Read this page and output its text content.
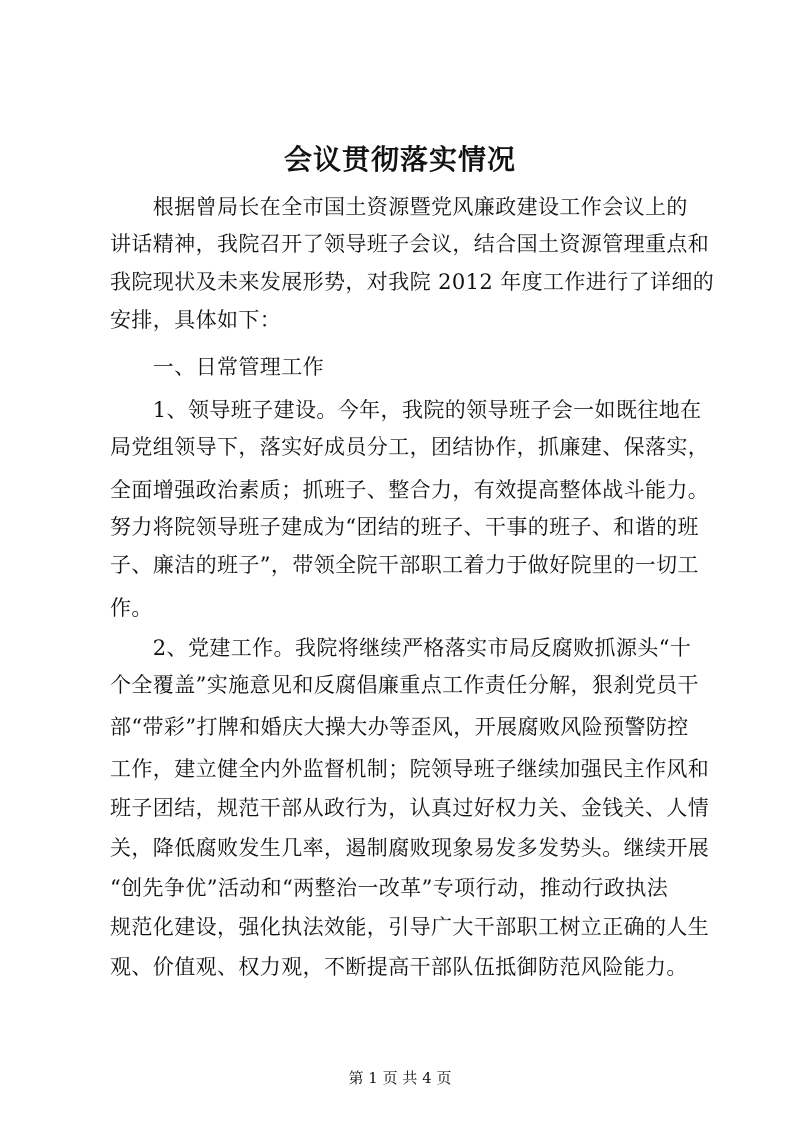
会议贯彻落实情况
　　根据曾局长在全市国土资源暨党风廉政建设工作会议上的
讲话精神，我院召开了领导班子会议，结合国土资源管理重点和
我院现状及未来发展形势，对我院 2012 年度工作进行了详细的
安排，具体如下：
　　一、日常管理工作
　　1、领导班子建设。今年，我院的领导班子会一如既往地在
局党组领导下，落实好成员分工，团结协作，抓廉建、保落实，
全面增强政治素质；抓班子、整合力，有效提高整体战斗能力。
努力将院领导班子建成为“团结的班子、干事的班子、和谐的班
子、廉洁的班子”，带领全院干部职工着力于做好院里的一切工
作。
　　2、党建工作。我院将继续严格落实市局反腐败抓源头“十
个全覆盖”实施意见和反腐倡廉重点工作责任分解，狠刹党员干
部“带彩”打牌和婚庆大操大办等歪风，开展腐败风险预警防控
工作，建立健全内外监督机制；院领导班子继续加强民主作风和
班子团结，规范干部从政行为，认真过好权力关、金钱关、人情
关，降低腐败发生几率，遏制腐败现象易发多发势头。继续开展
“创先争优”活动和“两整治一改革”专项行动，推动行政执法
规范化建设，强化执法效能，引导广大干部职工树立正确的人生
观、价值观、权力观，不断提高干部队伍抵御防范风险能力。
第 1 页 共 4 页
